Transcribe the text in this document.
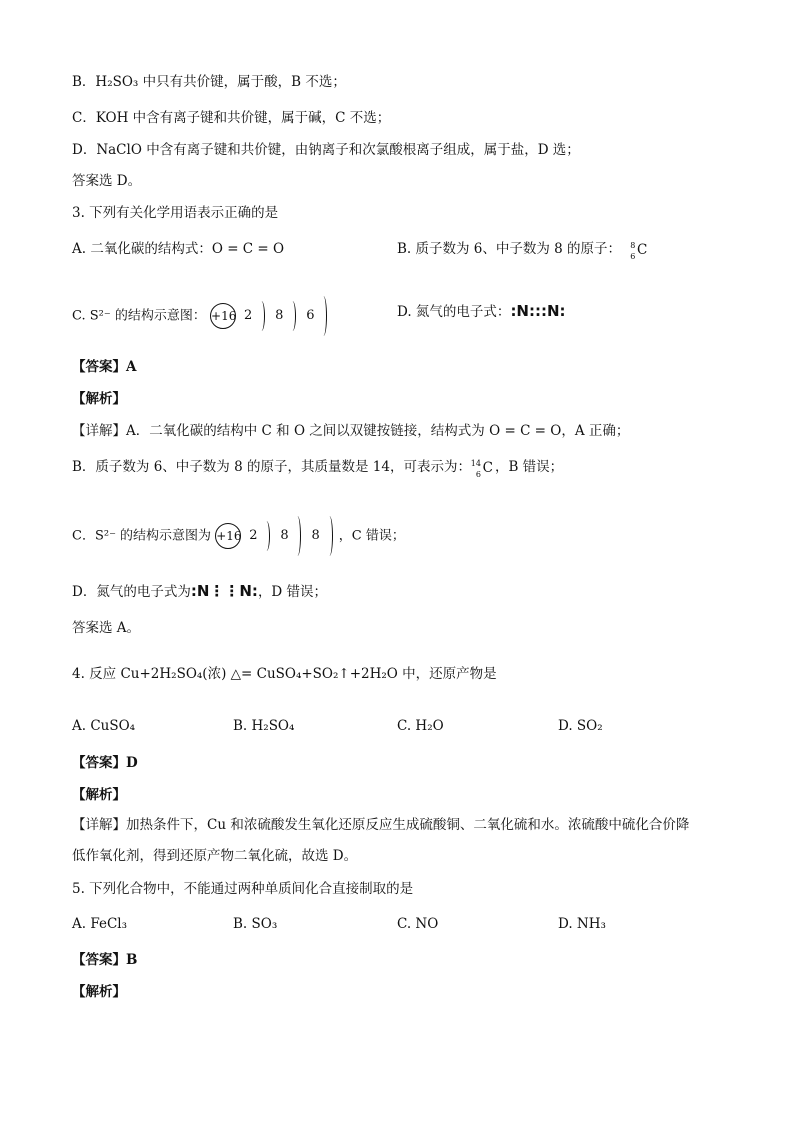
B．H₂SO₃ 中只有共价键，属于酸，B 不选；
C．KOH 中含有离子键和共价键，属于碱，C 不选；
D．NaClO 中含有离子键和共价键，由钠离子和次氯酸根离子组成，属于盐，D 选；
答案选 D。
3. 下列有关化学用语表示正确的是
A. 二氧化碳的结构式：O = C = O	B. 质子数为 6、中子数为 8 的原子： 8
6 C
C. S²⁻ 的结构示意图： +16 2 8 6	D. 氮气的电子式：:N:::N:
【答案】A
【解析】
【详解】A．二氧化碳的结构中 C 和 O 之间以双键按链接，结构式为 O = C = O，A 正确；
B．质子数为 6、中子数为 8 的原子，其质量数是 14，可表示为： 14
6 C ，B 错误；
C．S²⁻ 的结构示意图为 +16 2 8 8 ，C 错误；
D．氮气的电子式为:N⋮⋮N:，D 错误；
答案选 A。
4. 反应 Cu+2H₂SO₄(浓) △= CuSO₄+SO₂↑+2H₂O 中，还原产物是
A. CuSO₄	B. H₂SO₄	C. H₂O	D. SO₂
【答案】D
【解析】
【详解】加热条件下，Cu 和浓硫酸发生氧化还原反应生成硫酸铜、二氧化硫和水。浓硫酸中硫化合价降
低作氧化剂，得到还原产物二氧化硫，故选 D。
5. 下列化合物中，不能通过两种单质间化合直接制取的是
A. FeCl₃	B. SO₃	C. NO	D. NH₃
【答案】B
【解析】
